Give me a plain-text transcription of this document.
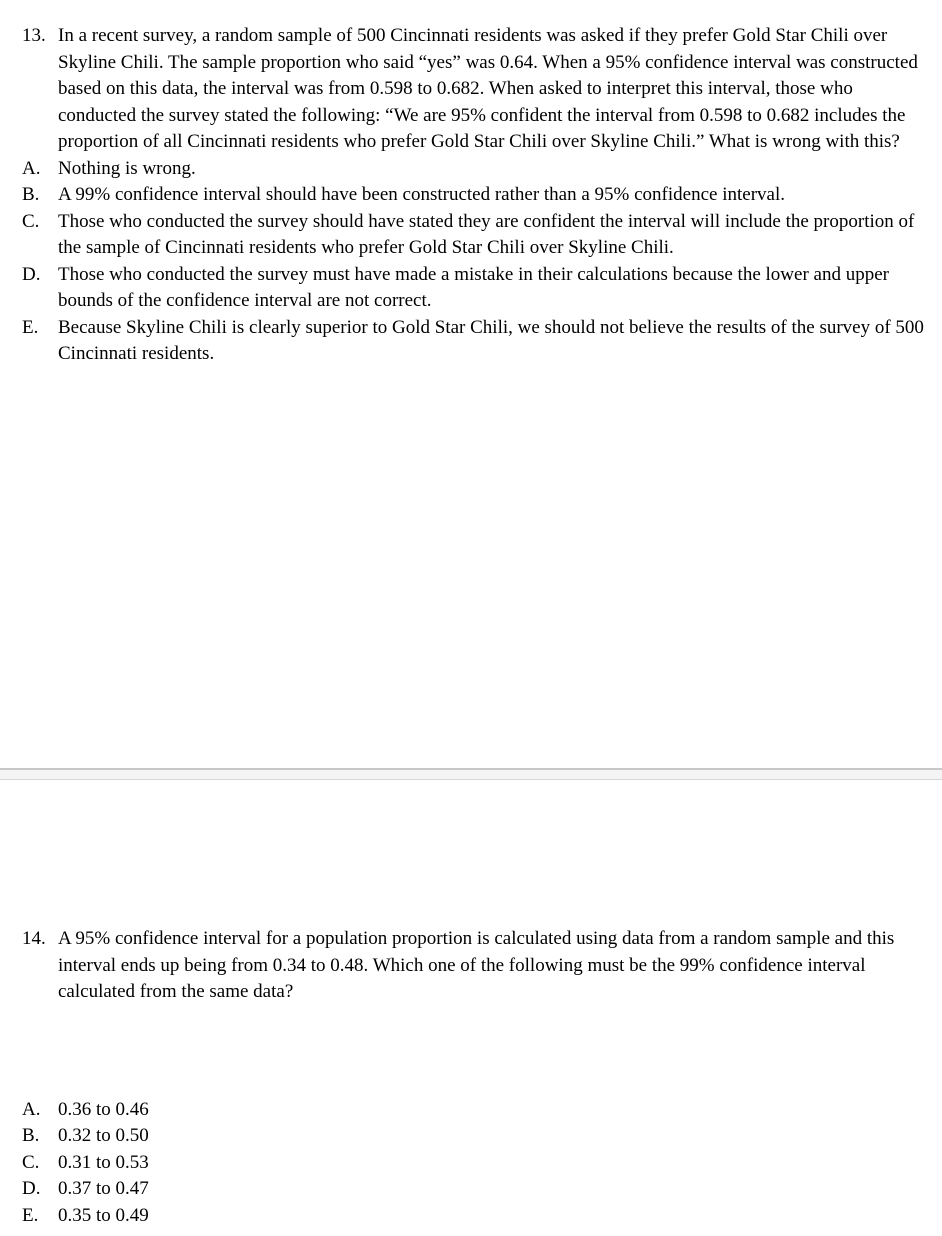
13. In a recent survey, a random sample of 500 Cincinnati residents was asked if they prefer Gold Star Chili over Skyline Chili. The sample proportion who said “yes” was 0.64. When a 95% confidence interval was constructed based on this data, the interval was from 0.598 to 0.682. When asked to interpret this interval, those who conducted the survey stated the following: “We are 95% confident the interval from 0.598 to 0.682 includes the proportion of all Cincinnati residents who prefer Gold Star Chili over Skyline Chili.” What is wrong with this?
A. Nothing is wrong.
B. A 99% confidence interval should have been constructed rather than a 95% confidence interval.
C. Those who conducted the survey should have stated they are confident the interval will include the proportion of the sample of Cincinnati residents who prefer Gold Star Chili over Skyline Chili.
D. Those who conducted the survey must have made a mistake in their calculations because the lower and upper bounds of the confidence interval are not correct.
E.	Because Skyline Chili is clearly superior to Gold Star Chili, we should not believe the results of the survey of 500 Cincinnati residents.
14. A 95% confidence interval for a population proportion is calculated using data from a random sample and this interval ends up being from 0.34 to 0.48. Which one of the following must be the 99% confidence interval calculated from the same data?
A. 0.36 to 0.46
B. 0.32 to 0.50
C. 0.31 to 0.53
D. 0.37 to 0.47
E.	0.35 to 0.49
